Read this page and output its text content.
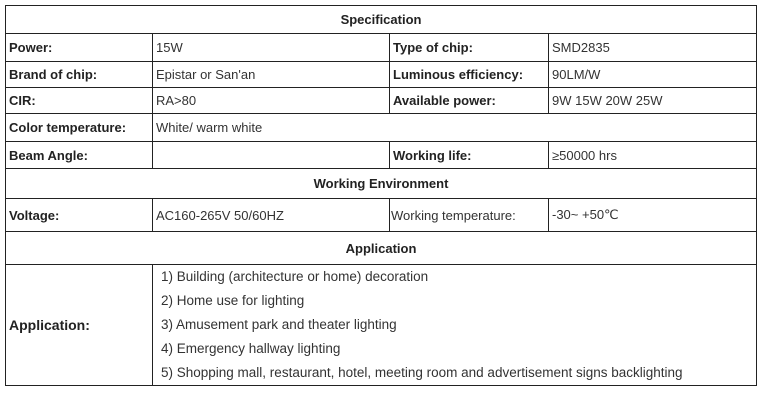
Specification			
Power:	15W	Type of chip:	SMD2835
Brand of chip:	Epistar or San'an	Luminous efficiency:	90LM/W
CIR:	RA>80	Available power:	9W 15W 20W 25W
Color temperature:	White/ warm white		
Beam Angle:		Working life:	≥50000 hrs
Working Environment			
Voltage:	AC160-265V 50/60HZ	Working temperature:	-30~ +50℃
Application			
Application:	1) Building (architecture or home) decoration
2) Home use for lighting
3) Amusement park and theater lighting
4) Emergency hallway lighting
5) Shopping mall, restaurant, hotel, meeting room and advertisement signs backlighting		
